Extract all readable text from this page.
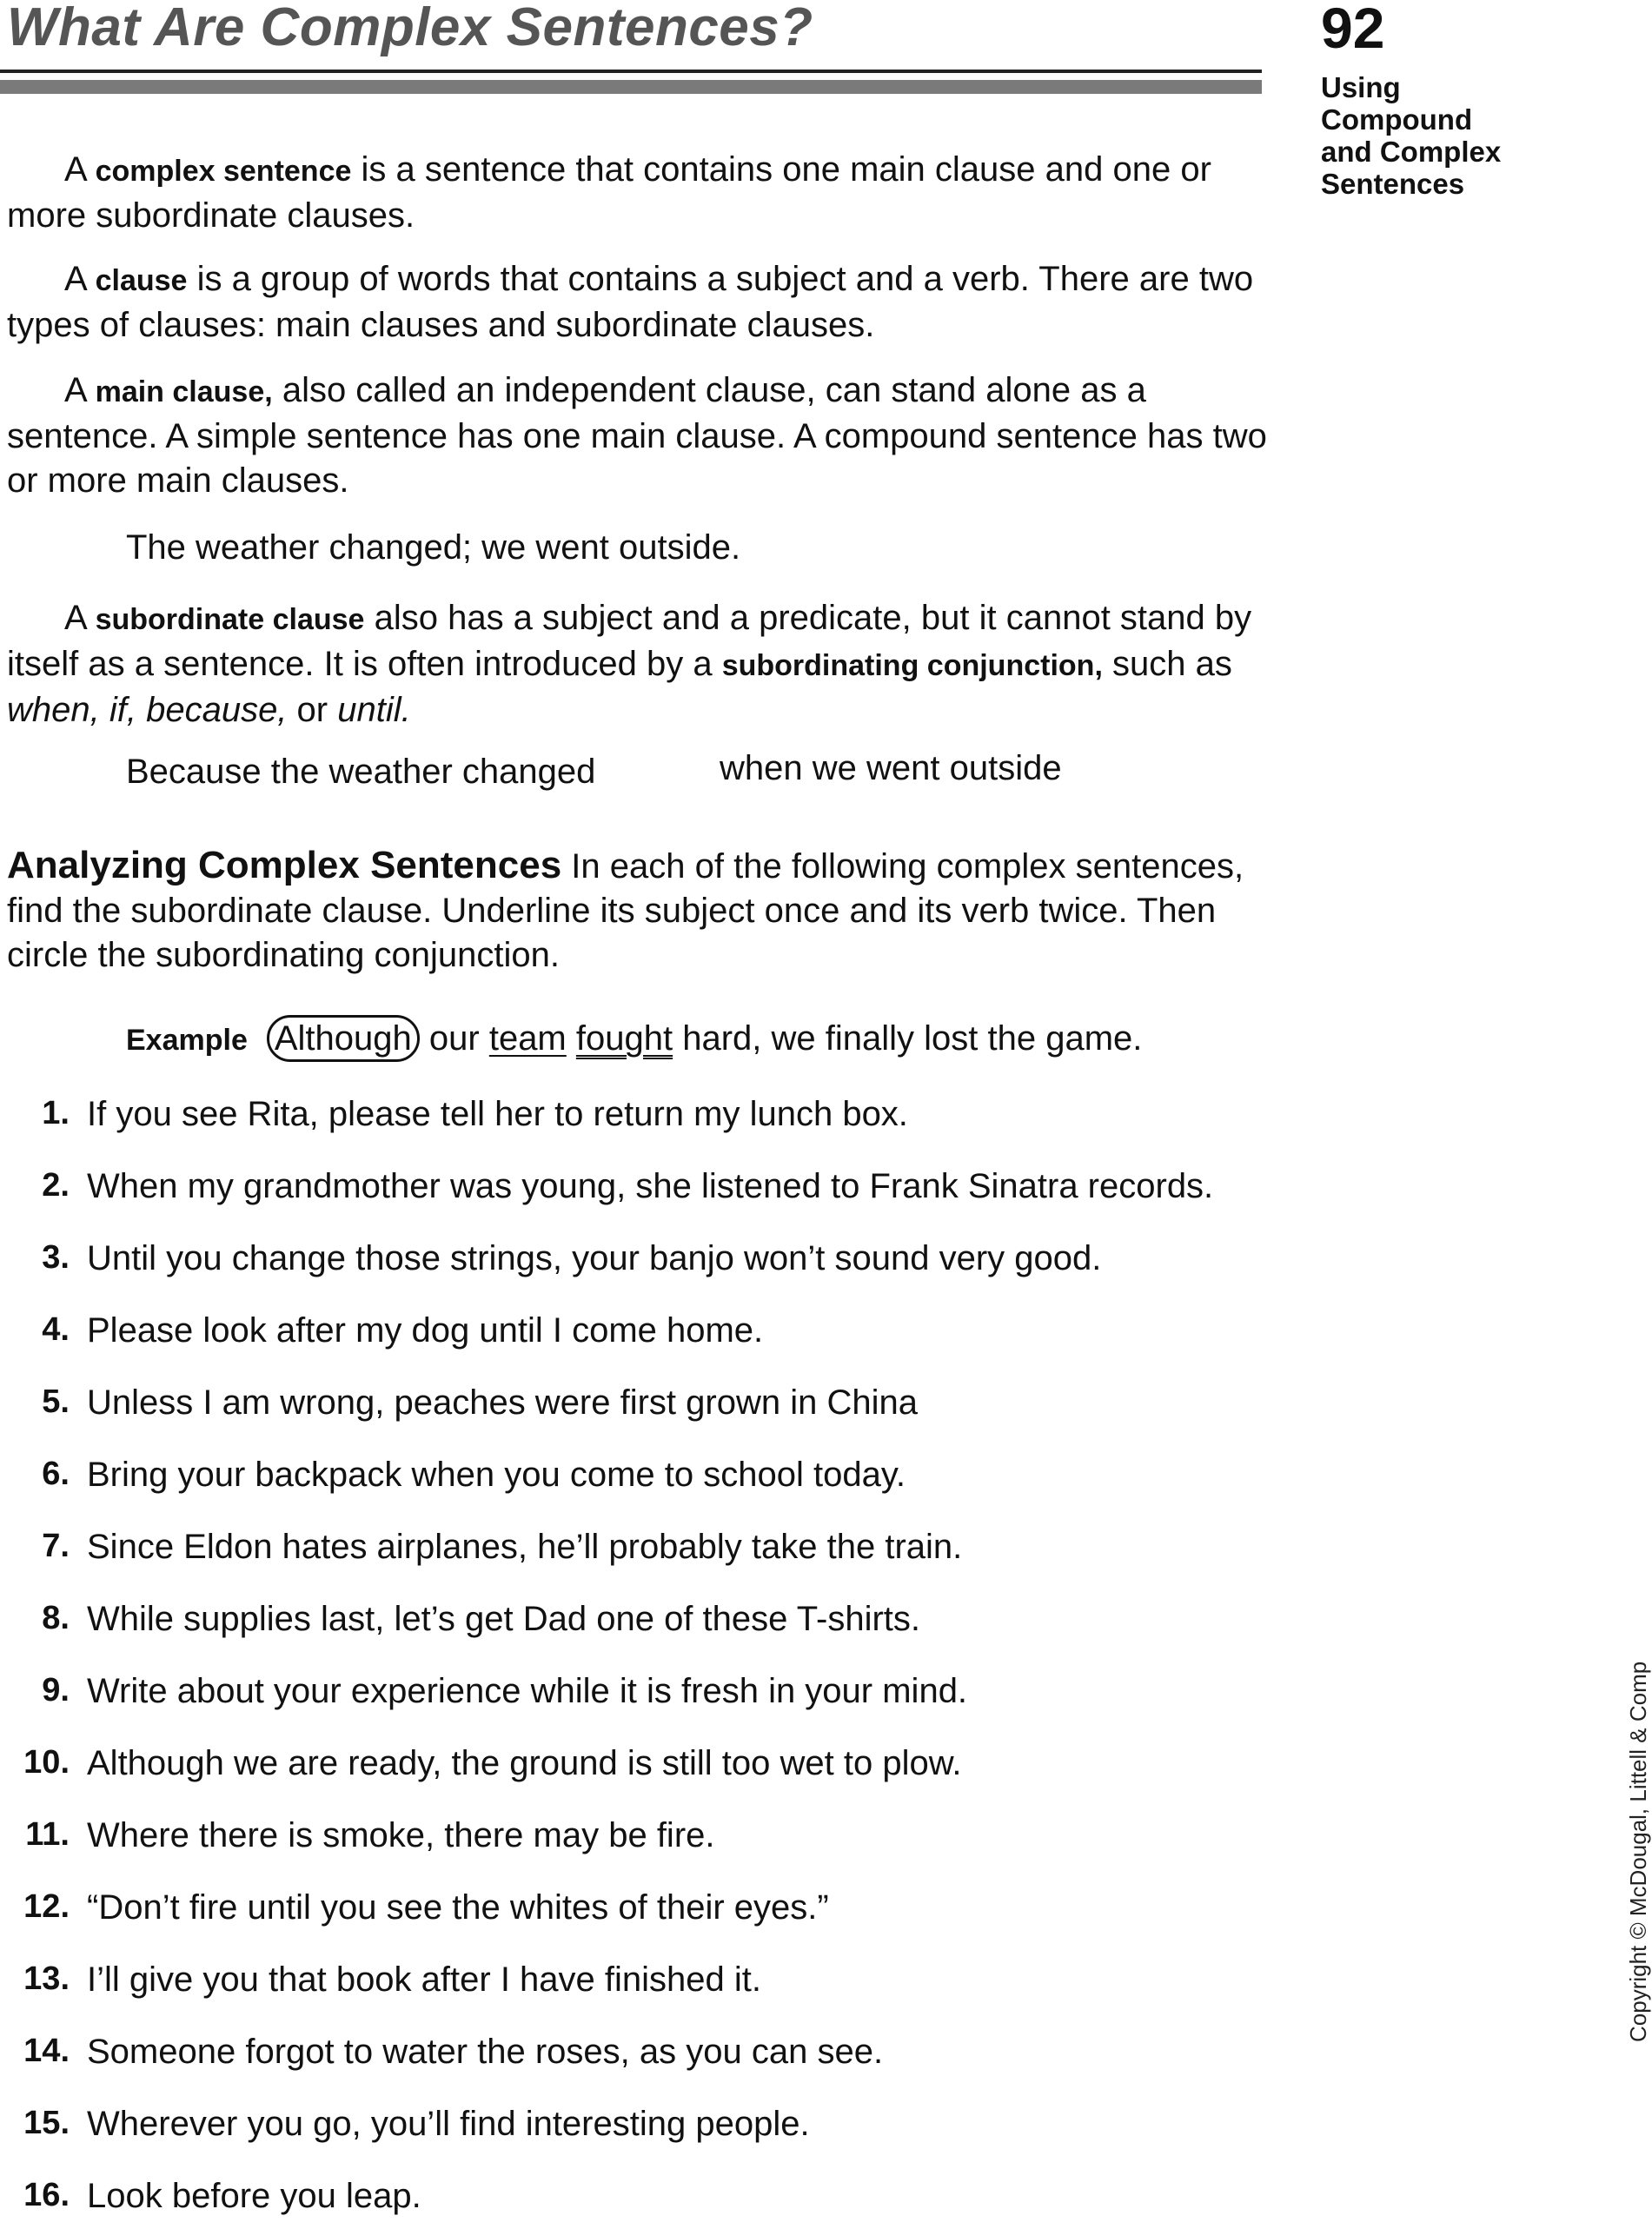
What Are Complex Sentences?	92
Using
Compound
and Complex
Sentences

A complex sentence is a sentence that contains one main clause and one or more subordinate clauses.

A clause is a group of words that contains a subject and a verb. There are two types of clauses: main clauses and subordinate clauses.

A main clause, also called an independent clause, can stand alone as a sentence. A simple sentence has one main clause. A compound sentence has two or more main clauses.

The weather changed; we went outside.

A subordinate clause also has a subject and a predicate, but it cannot stand by itself as a sentence. It is often introduced by a subordinating conjunction, such as when, if, because, or until.

Because the weather changed	when we went outside

Analyzing Complex Sentences In each of the following complex sentences, find the subordinate clause. Underline its subject once and its verb twice. Then circle the subordinating conjunction.

Example Although our team fought hard, we finally lost the game.
1. If you see Rita, please tell her to return my lunch box.
2. When my grandmother was young, she listened to Frank Sinatra records.
3. Until you change those strings, your banjo won’t sound very good.
4. Please look after my dog until I come home.
5. Unless I am wrong, peaches were first grown in China
6. Bring your backpack when you come to school today.
7. Since Eldon hates airplanes, he’ll probably take the train.
8. While supplies last, let’s get Dad one of these T-shirts.
9. Write about your experience while it is fresh in your mind.
10. Although we are ready, the ground is still too wet to plow.
11. Where there is smoke, there may be fire.
12. “Don’t fire until you see the whites of their eyes.”
13. I’ll give you that book after I have finished it.
14. Someone forgot to water the roses, as you can see.
15. Wherever you go, you’ll find interesting people.
16. Look before you leap.
Copyright © McDougal, Littell & Comp
